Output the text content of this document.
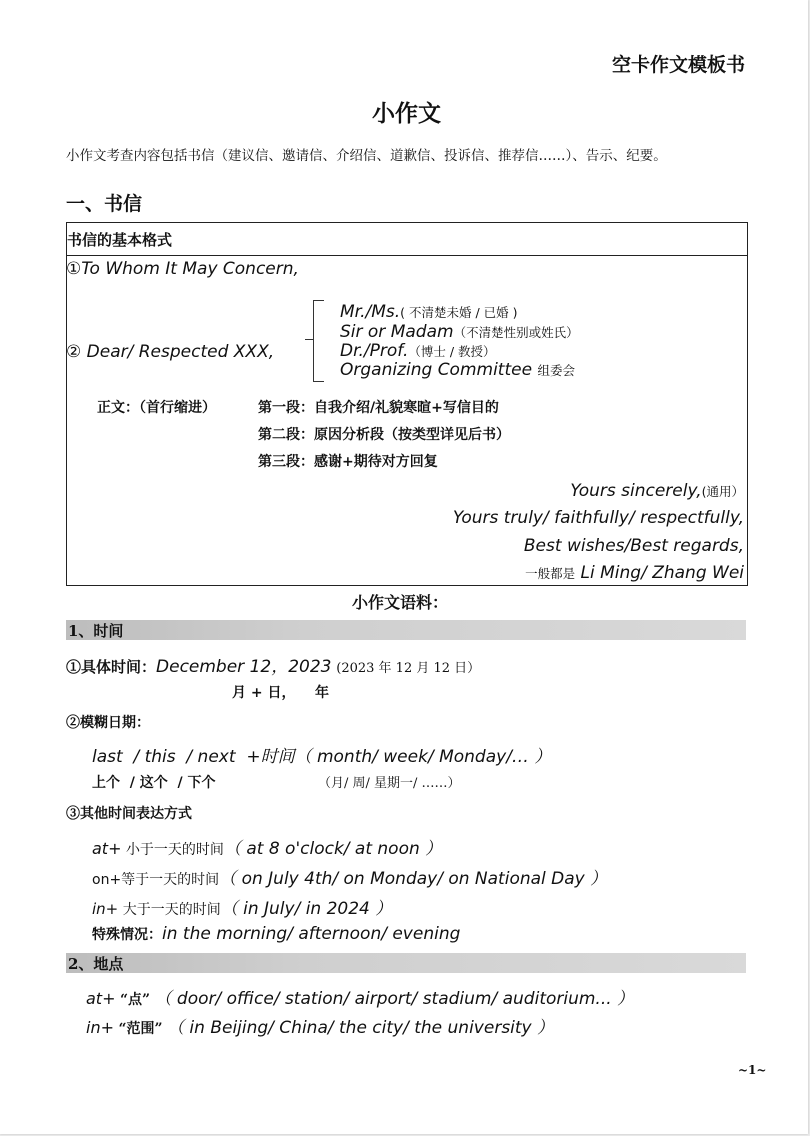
空卡作文模板书
小作文
小作文考查内容包括书信（建议信、邀请信、介绍信、道歉信、投诉信、推荐信……）、告示、纪要。
一、书信
书信的基本格式
①To Whom It May Concern,
② Dear/ Respected XXX,
Mr./Ms.( 不清楚未婚 / 已婚 )
Sir or Madam（不清楚性别或姓氏）
Dr./Prof.（博士 / 教授）
Organizing Committee 组委会
正文：（首行缩进）	第一段：自我介绍/礼貌寒暄+写信目的
第二段：原因分析段（按类型详见后书）
第三段：感谢+期待对方回复
Yours sincerely,(通用）
Yours truly/ faithfully/ respectfully,
Best wishes/Best regards,
一般都是 Li Ming/ Zhang Wei
小作文语料：
1、时间
①具体时间：December 12，2023 (2023 年 12 月 12 日）
月 + 日，    年
②模糊日期：
last  / this  / next  +时间（ month/ week/ Monday/… ）
上个  / 这个  / 下个	（月/ 周/ 星期一/ ……）
③其他时间表达方式
at+ 小于一天的时间（ at 8 o'clock/ at noon ）
on+等于一天的时间（ on July 4th/ on Monday/ on National Day ）
in+ 大于一天的时间（ in July/ in 2024 ）
特殊情况：in the morning/ afternoon/ evening
2、地点
at+ “点” （ door/ office/ station/ airport/ stadium/ auditorium... ）
in+ “范围” （ in Beijing/ China/ the city/ the university ）
~1~
